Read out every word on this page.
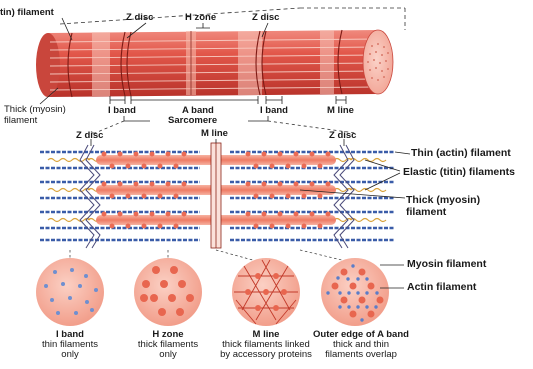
tin) filament	Z disc	H zone	Z disc
Thick (myosin)
filament
I band	A band	I band	M line
Sarcomere
Z disc	M line	Z disc
Thin (actin) filament
Elastic (titin) filaments
Thick (myosin)
filament
Myosin filament
Actin filament
I band
thin filaments
only
H zone
thick filaments
only
M line
thick filaments linked
by accessory proteins
Outer edge of A band
thick and thin
filaments overlap
